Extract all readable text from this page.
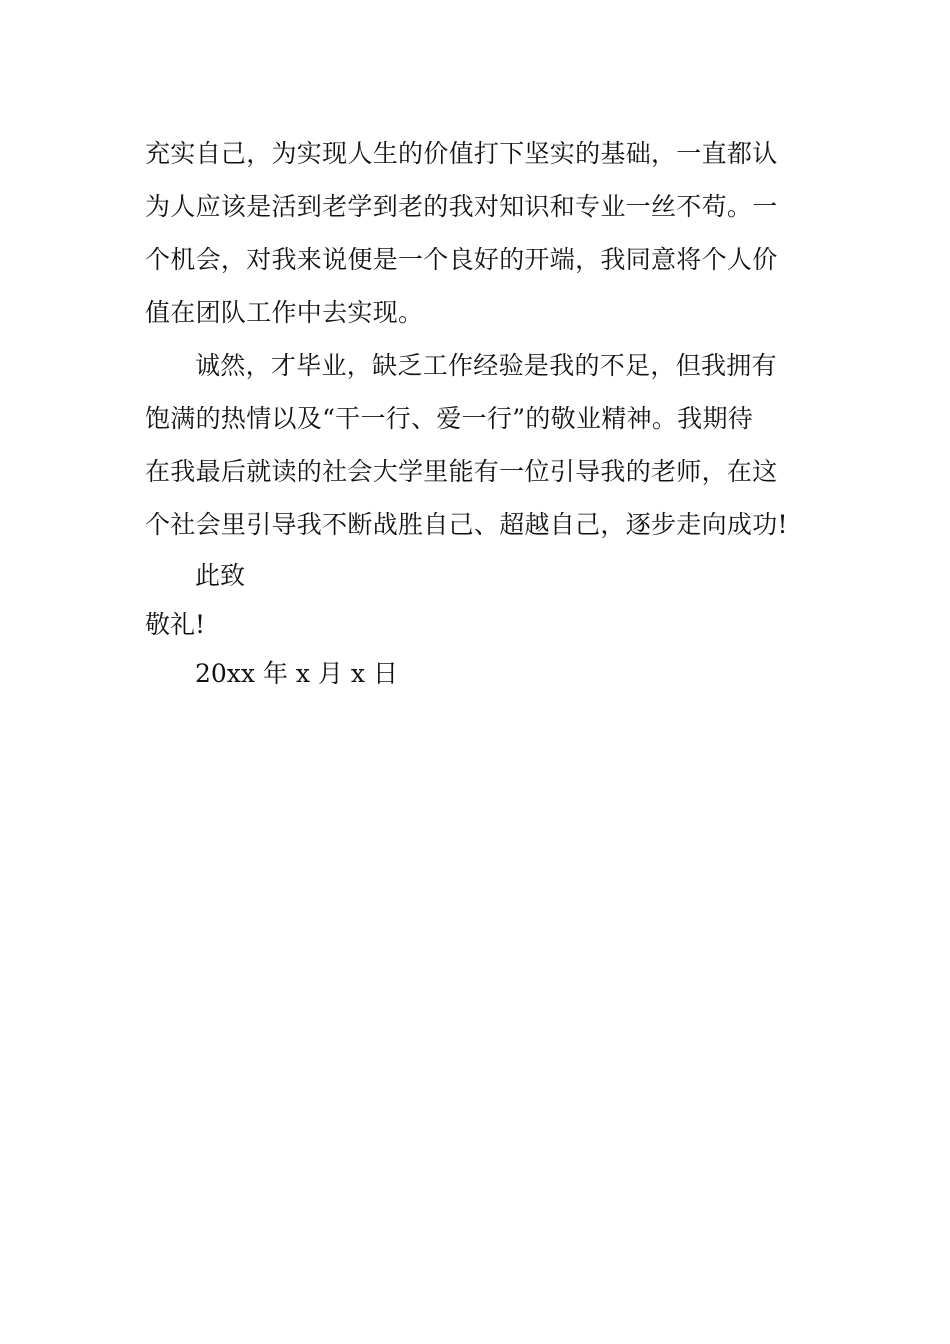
充实自己，为实现人生的价值打下坚实的基础，一直都认
为人应该是活到老学到老的我对知识和专业一丝不苟。一
个机会，对我来说便是一个良好的开端，我同意将个人价
值在团队工作中去实现。
诚然，才毕业，缺乏工作经验是我的不足，但我拥有
饱满的热情以及“干一行、爱一行”的敬业精神。我期待
在我最后就读的社会大学里能有一位引导我的老师，在这
个社会里引导我不断战胜自己、超越自己，逐步走向成功!
此致
敬礼!
20xx 年 x 月 x 日
